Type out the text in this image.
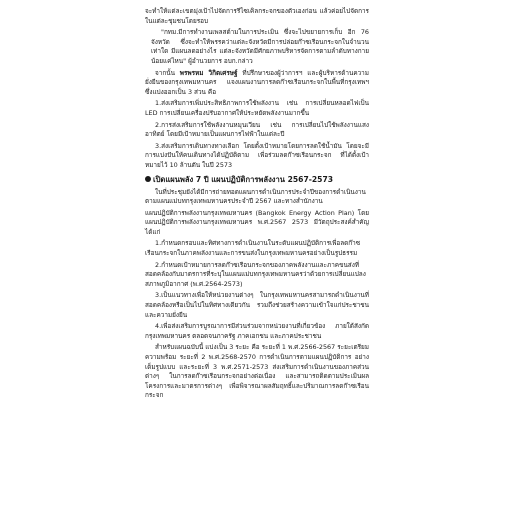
จะทำให้แต่ละเขตมุ่งเป้าไปจัดการรีไซเคิลกระจกของตัวเองก่อน แล้วค่อยไปจัดการในแต่ละชุมชนโดยรอบ

"กทม.มีการทำงานเพลสต์ามในการประเมิน ซึ่งจะไปขยายการเก็บ อีก 76 จังหวัด ซึ่งจะทำให้พรรคว่าแต่ละจังหวัดมีการปล่อยก๊าซเรือนกระจกในจำนวนเท่าใด มีแผนลดอย่างไร แต่ละจังหวัดมีศักยภาพบริหารจัดการตามลำดับทางกายน้อยแค่ไหน" ผู้อำนวยการ อบก.กล่าว

จากนั้น พรพรหม วิกิตเศรษฐ์ ที่ปรึกษาของผู้ว่าการฯ และผู้บริหารด้านความยั่งยืนของกรุงเทพมหานคร แจงแผนงานการลดก๊าซเรือนกระจกในพื้นที่กรุงเทพฯ ซึ่งแบ่งออกเป็น 3 ส่วน คือ

1.ส่งเสริมการเพิ่มประสิทธิภาพการใช้พลังงาน เช่น การเปลี่ยนหลอดไฟเป็น LED การเปลี่ยนเครื่องปรับอากาศให้ประหยัดพลังงานมากขึ้น

2.การส่งเสริมการใช้พลังงานหมุนเวียน เช่น การเปลี่ยนไปใช้พลังงานแสงอาทิตย์ โดยมีเป้าหมายเป็นแผนการไฟฟ้าในแต่ละปี

3.ส่งเสริมการเดินทางทางเลือก โดยตั้งเป้าหมายโดยการลดใช้น้ำมัน โดยจะมีการแบ่งปันให้คนเดินทางได้ปฏิบัติตาม เพื่อร่วมลดก๊าซเรือนกระจก ที่ได้ตั้งเป้าหมายไว้ 10 ล้านตัน ในปี 2573

เปิดแผนพลัง 7 ปี แผนปฏิบัติการพลังงาน 2567-2573

ในที่ประชุมยังได้มีการถ่ายทอดแผนการดำเนินการประจำปีของการดำเนินงานตามแผนแม่บทกรุงเทพมหานครประจำปี 2567 และทางสำนักงาน

แผนปฏิบัติการพลังงานกรุงเทพมหานคร (Bangkok Energy Action Plan) โดยแผนปฏิบัติการพลังงานกรุงเทพมหานคร พ.ศ.2567 2573 มีวัตถุประสงค์สำคัญ ได้แก่

1.กำหนดกรอบและทิศทางการดำเนินงานในระดับแผนปฏิบัติการเพื่อลดก๊าซเรือนกระจกในภาคพลังงานและการขนส่งในกรุงเทพมหานครอย่างเป็นรูปธรรม

2.กำหนดเป้าหมายการลดก๊าซเรือนกระจกของภาคพลังงานและภาคขนส่งที่สอดคล้องกับมาตรการที่ระบุในแผนแม่บทกรุงเทพมหานครว่าด้วยการเปลี่ยนแปลงสภาพภูมิอากาศ (พ.ศ.2564-2573)

3.เป็นแนวทางเพื่อให้หน่วยงานต่างๆ ในกรุงเทพมหานครสามารถดำเนินงานที่สอดคล้องหรือเป็นไปในทิศทางเดียวกัน รวมถึงช่วยสร้างความเข้าใจแก่ประชาชนและความยั่งยืน

4.เพื่อส่งเสริมการบูรณาการมีส่วนร่วมจากหน่วยงานที่เกี่ยวข้อง ภายใต้สังกัดกรุงเทพมหานคร ตลอดจนภาครัฐ ภาคเอกชน และภาคประชาชน

สำหรับแผนฉบับนี้ แบ่งเป็น 3 ระยะ คือ ระยะที่ 1 พ.ศ.2566-2567 ระยะเตรียมความพร้อม ระยะที่ 2 พ.ศ.2568-2570 การดำเนินการตามแผนปฏิบัติการ อย่างเต็มรูปแบบ และระยะที่ 3 พ.ศ.2571-2573 ส่งเสริมการดำเนินงานของภาคส่วนต่างๆ ในการลดก๊าซเรือนกระจกอย่างต่อเนื่อง และสามารถติดตามประเมินผลโครงการและมาตรการต่างๆ เพื่อพิจารณาผลสัมฤทธิ์และปริมาณการลดก๊าซเรือนกระจก
